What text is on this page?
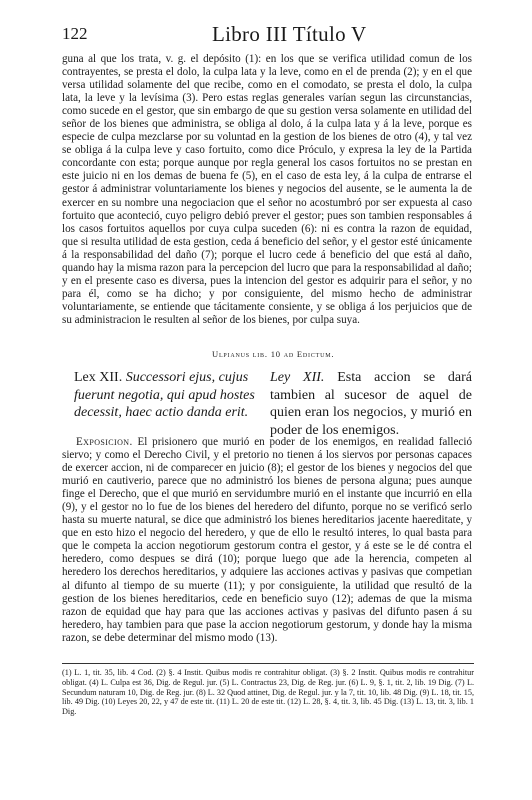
122	Libro III Título V

guna al que los trata, v. g. el depósito (1): en los que se verifica utilidad comun de los contrayentes, se presta el dolo, la culpa lata y la leve, como en el de prenda (2); y en el que versa utilidad solamente del que recibe, como en el comodato, se presta el dolo, la culpa lata, la leve y la levísima (3). Pero estas reglas generales varían segun las circunstancias, como sucede en el gestor, que sin embargo de que su gestion versa solamente en utilidad del señor de los bienes que administra, se obliga al dolo, á la culpa lata y á la leve, porque es especie de culpa mezclarse por su voluntad en la gestion de los bienes de otro (4), y tal vez se obliga á la culpa leve y caso fortuito, como dice Próculo, y expresa la ley de la Partida concordante con esta; porque aunque por regla general los casos fortuitos no se prestan en este juicio ni en los demas de buena fe (5), en el caso de esta ley, á la culpa de entrarse el gestor á administrar voluntariamente los bienes y negocios del ausente, se le aumenta la de exercer en su nombre una negociacion que el señor no acostumbró por ser expuesta al caso fortuito que aconteció, cuyo peligro debió prever el gestor; pues son tambien responsables á los casos fortuitos aquellos por cuya culpa suceden (6): ni es contra la razon de equidad, que si resulta utilidad de esta gestion, ceda á beneficio del señor, y el gestor esté únicamente á la responsabilidad del daño (7); porque el lucro cede á beneficio del que está al daño, quando hay la misma razon para la percepcion del lucro que para la responsabilidad al daño; y en el presente caso es diversa, pues la intencion del gestor es adquirir para el señor, y no para él, como se ha dicho; y por consiguiente, del mismo hecho de administrar voluntariamente, se entiende que tácitamente consiente, y se obliga á los perjuicios que de su administracion le resulten al señor de los bienes, por culpa suya.

Ulpianus lib. 10 ad Edictum.
Lex XII. Successori ejus, cujus fuerunt negotia, qui apud hostes decessit, haec actio danda erit.
Ley XII. Esta accion se dará tambien al sucesor de aquel de quien eran los negocios, y murió en poder de los enemigos.
Exposicion. El prisionero que murió en poder de los enemigos, en realidad falleció siervo; y como el Derecho Civil, y el pretorio no tienen á los siervos por personas capaces de exercer accion, ni de comparecer en juicio (8); el gestor de los bienes y negocios del que murió en cautiverio, parece que no administró los bienes de persona alguna; pues aunque finge el Derecho, que el que murió en servidumbre murió en el instante que incurrió en ella (9), y el gestor no lo fue de los bienes del heredero del difunto, porque no se verificó serlo hasta su muerte natural, se dice que administró los bienes hereditarios jacente haereditate, y que en esto hizo el negocio del heredero, y que de ello le resultó interes, lo qual basta para que le competa la accion negotiorum gestorum contra el gestor, y á este se le dé contra el heredero, como despues se dirá (10); porque luego que ade la herencia, competen al heredero los derechos hereditarios, y adquiere las acciones activas y pasivas que competian al difunto al tiempo de su muerte (11); y por consiguiente, la utilidad que resultó de la gestion de los bienes hereditarios, cede en beneficio suyo (12); ademas de que la misma razon de equidad que hay para que las acciones activas y pasivas del difunto pasen á su heredero, hay tambien para que pase la accion negotiorum gestorum, y donde hay la misma razon, se debe determinar del mismo modo (13).
(1) L. 1, tit. 35, lib. 4 Cod. (2) §. 4 Instit. Quibus modis re contrahitur obligat. (3) §. 2 Instit. Quibus modis re contrahitur obligat. (4) L. Culpa est 36, Dig. de Regul. jur. (5) L. Contractus 23, Dig. de Reg. jur. (6) L. 9, §. 1, tit. 2, lib. 19 Dig. (7) L. Secundum naturam 10, Dig. de Reg. jur. (8) L. 32 Quod attinet, Dig. de Regul. jur. y la 7, tit. 10, lib. 48 Dig. (9) L. 18, tit. 15, lib. 49 Dig. (10) Leyes 20, 22, y 47 de este tit. (11) L. 20 de este tit. (12) L. 28, §. 4, tit. 3, lib. 45 Dig. (13) L. 13, tit. 3, lib. 1 Dig.
